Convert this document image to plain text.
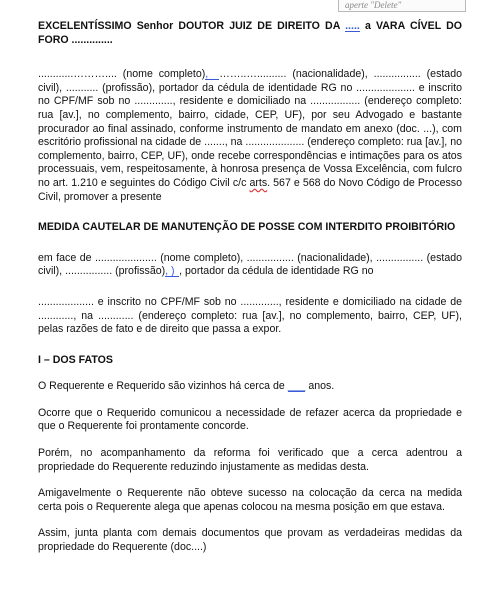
aperte "Delete"

EXCELENTÍSSIMO Senhor DOUTOR JUIZ DE DIREITO DA ..... a VARA CÍVEL DO FORO ..............

............……….... (nome completo), ……..….......... (nacionalidade), ................ (estado civil), ........... (profissão), portador da cédula de identidade RG no .................... e inscrito no CPF/MF sob no ............., residente e domiciliado na ................. (endereço completo: rua [av.], no complemento, bairro, cidade, CEP, UF), por seu Advogado e bastante procurador ao final assinado, conforme instrumento de mandato em anexo (doc. ...), com escritório profissional na cidade de ......., na .................... (endereço completo: rua [av.], no complemento, bairro, CEP, UF), onde recebe correspondências e intimações para os atos processuais, vem, respeitosamente, à honrosa presença de Vossa Excelência, com fulcro no art. 1.210 e seguintes do Código Civil c/c arts. 567 e 568 do Novo Código de Processo Civil, promover a presente

MEDIDA CAUTELAR DE MANUTENÇÃO DE POSSE COM INTERDITO PROIBITÓRIO

em face de ..................... (nome completo), ................ (nacionalidade), ................ (estado civil), ................ (profissão), ) , portador da cédula de identidade RG no

................... e inscrito no CPF/MF sob no ............., residente e domiciliado na cidade de ............, na ............ (endereço completo: rua [av.], no complemento, bairro, CEP, UF), pelas razões de fato e de direito que passa a expor.

I – DOS FATOS

O Requerente e Requerido são vizinhos há cerca de ___ anos.

Ocorre que o Requerido comunicou a necessidade de refazer acerca da propriedade e que o Requerente foi prontamente concorde.

Porém, no acompanhamento da reforma foi verificado que a cerca adentrou a propriedade do Requerente reduzindo injustamente as medidas desta.

Amigavelmente o Requerente não obteve sucesso na colocação da cerca na medida certa pois o Requerente alega que apenas colocou na mesma posição em que estava.

Assim, junta planta com demais documentos que provam as verdadeiras medidas da propriedade do Requerente (doc....)
